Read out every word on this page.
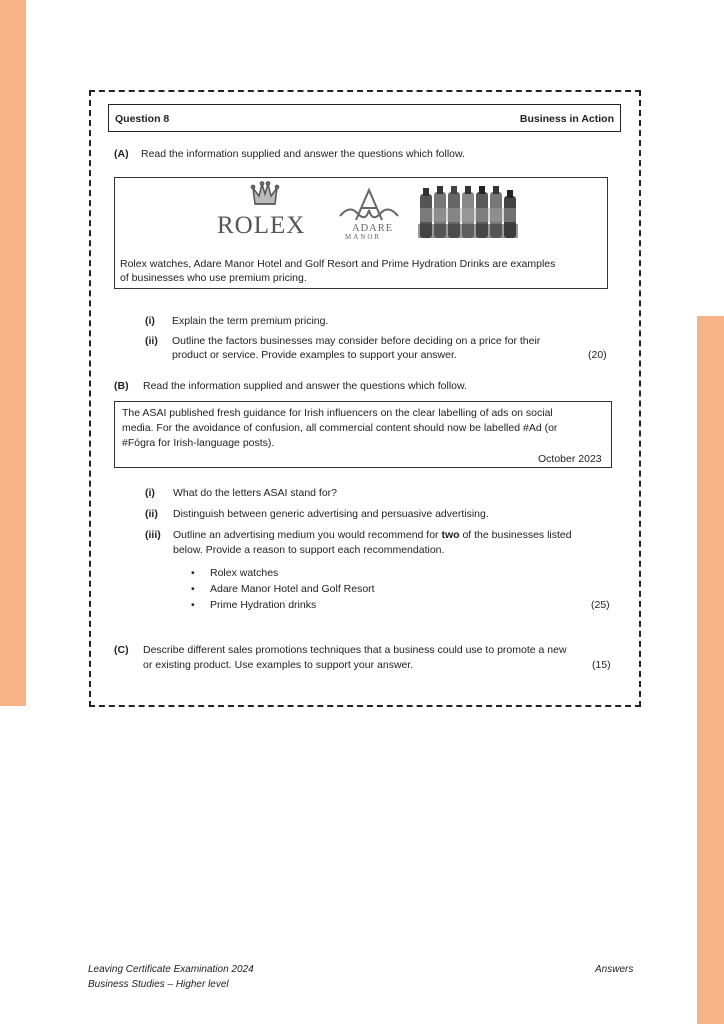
Question 8	Business in Action
(A) Read the information supplied and answer the questions which follow.
ROLEX	ADARE
MANOR
Rolex watches, Adare Manor Hotel and Golf Resort and Prime Hydration Drinks are examples
of businesses who use premium pricing.
(i) Explain the term premium pricing.
(ii) Outline the factors businesses may consider before deciding on a price for their
product or service. Provide examples to support your answer.	(20)
(B) Read the information supplied and answer the questions which follow.
The ASAI published fresh guidance for Irish influencers on the clear labelling of ads on social
media. For the avoidance of confusion, all commercial content should now be labelled #Ad (or
#Fógra for Irish-language posts).
October 2023
(i) What do the letters ASAI stand for?
(ii) Distinguish between generic advertising and persuasive advertising.
(iii) Outline an advertising medium you would recommend for two of the businesses listed
below. Provide a reason to support each recommendation.
• Rolex watches
• Adare Manor Hotel and Golf Resort
• Prime Hydration drinks	(25)
(C) Describe different sales promotions techniques that a business could use to promote a new
or existing product. Use examples to support your answer.	(15)
Leaving Certificate Examination 2024
Business Studies – Higher level
Answers
